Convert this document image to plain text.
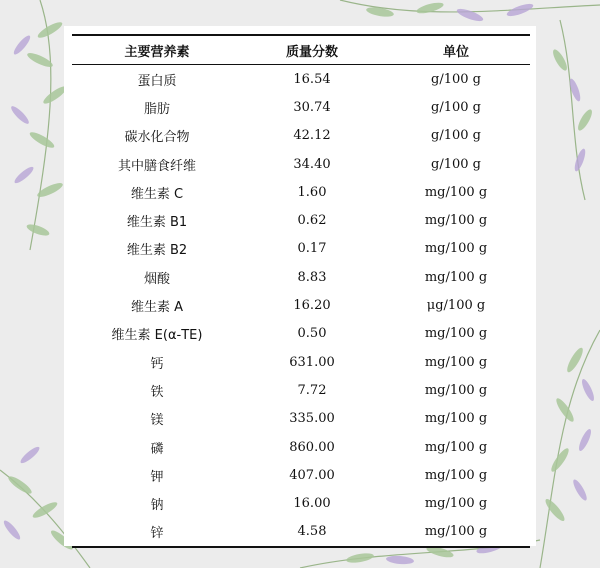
主要营养素	质量分数	单位
蛋白质	16.54	g/100 g
脂肪	30.74	g/100 g
碳水化合物	42.12	g/100 g
其中膳食纤维	34.40	g/100 g
维生素 C	1.60	mg/100 g
维生素 B1	0.62	mg/100 g
维生素 B2	0.17	mg/100 g
烟酸	8.83	mg/100 g
维生素 A	16.20	μg/100 g
维生素 E(α-TE)	0.50	mg/100 g
钙	631.00	mg/100 g
铁	7.72	mg/100 g
镁	335.00	mg/100 g
磷	860.00	mg/100 g
钾	407.00	mg/100 g
钠	16.00	mg/100 g
锌	4.58	mg/100 g
